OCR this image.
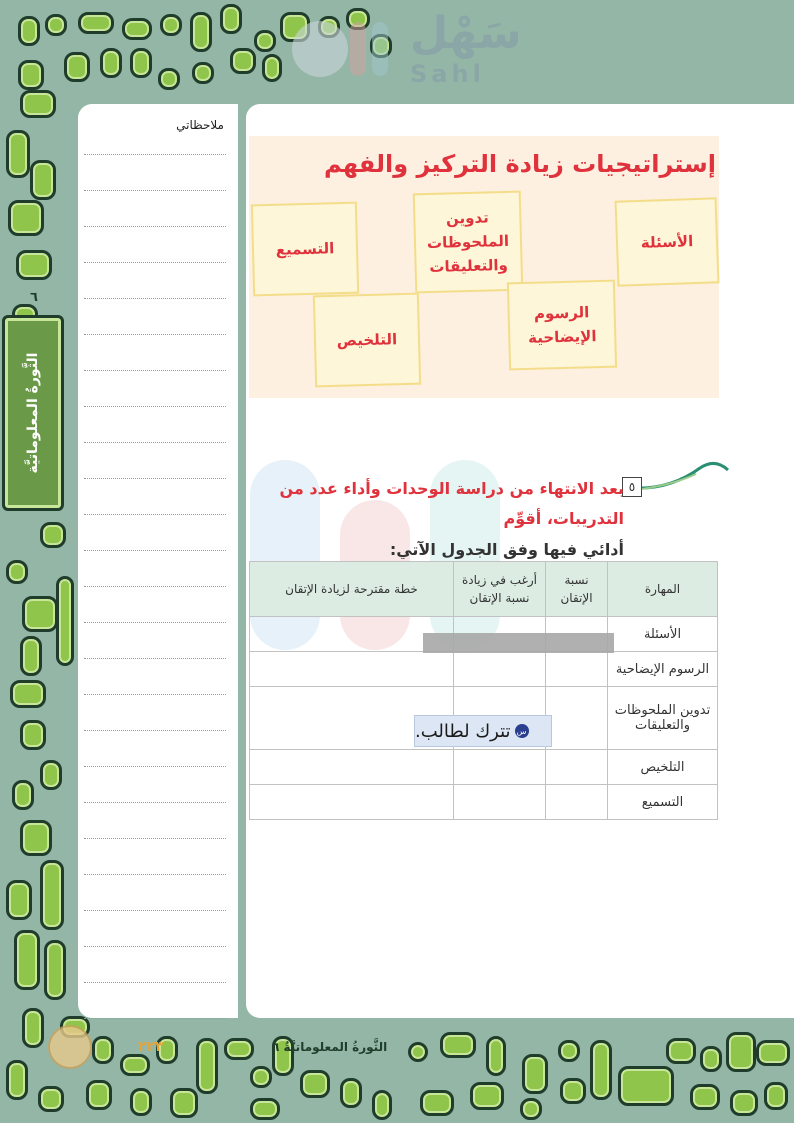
سَهْل
Sahl
٦
الثَّورةُ المعلوماتيَّة
ملاحظاتي
إستراتيجيات زيادة التركيز والفهم
الأسئلة
تدوين
الملحوظات
والتعليقات
التسميع
الرسوم
الإيضاحية
التلخيص
٥
بعد الانتهاء من دراسة الوحدات وأداء عدد من التدريبات، أقوِّم
أدائي فيها وفق الجدول الآتي:
خطة مقترحة لزيادة الإتقان	أرغب في زيادة نسبة الإتقان	نسبة الإتقان	المهارة
			الأسئلة
			الرسوم الإيضاحية
			تدوين الملحوظات والتعليقات
			التلخيص
			التسميع
س
تترك لطالب.
٢٢٣	الثَّورةُ المعلوماتيَّةُ ٦
